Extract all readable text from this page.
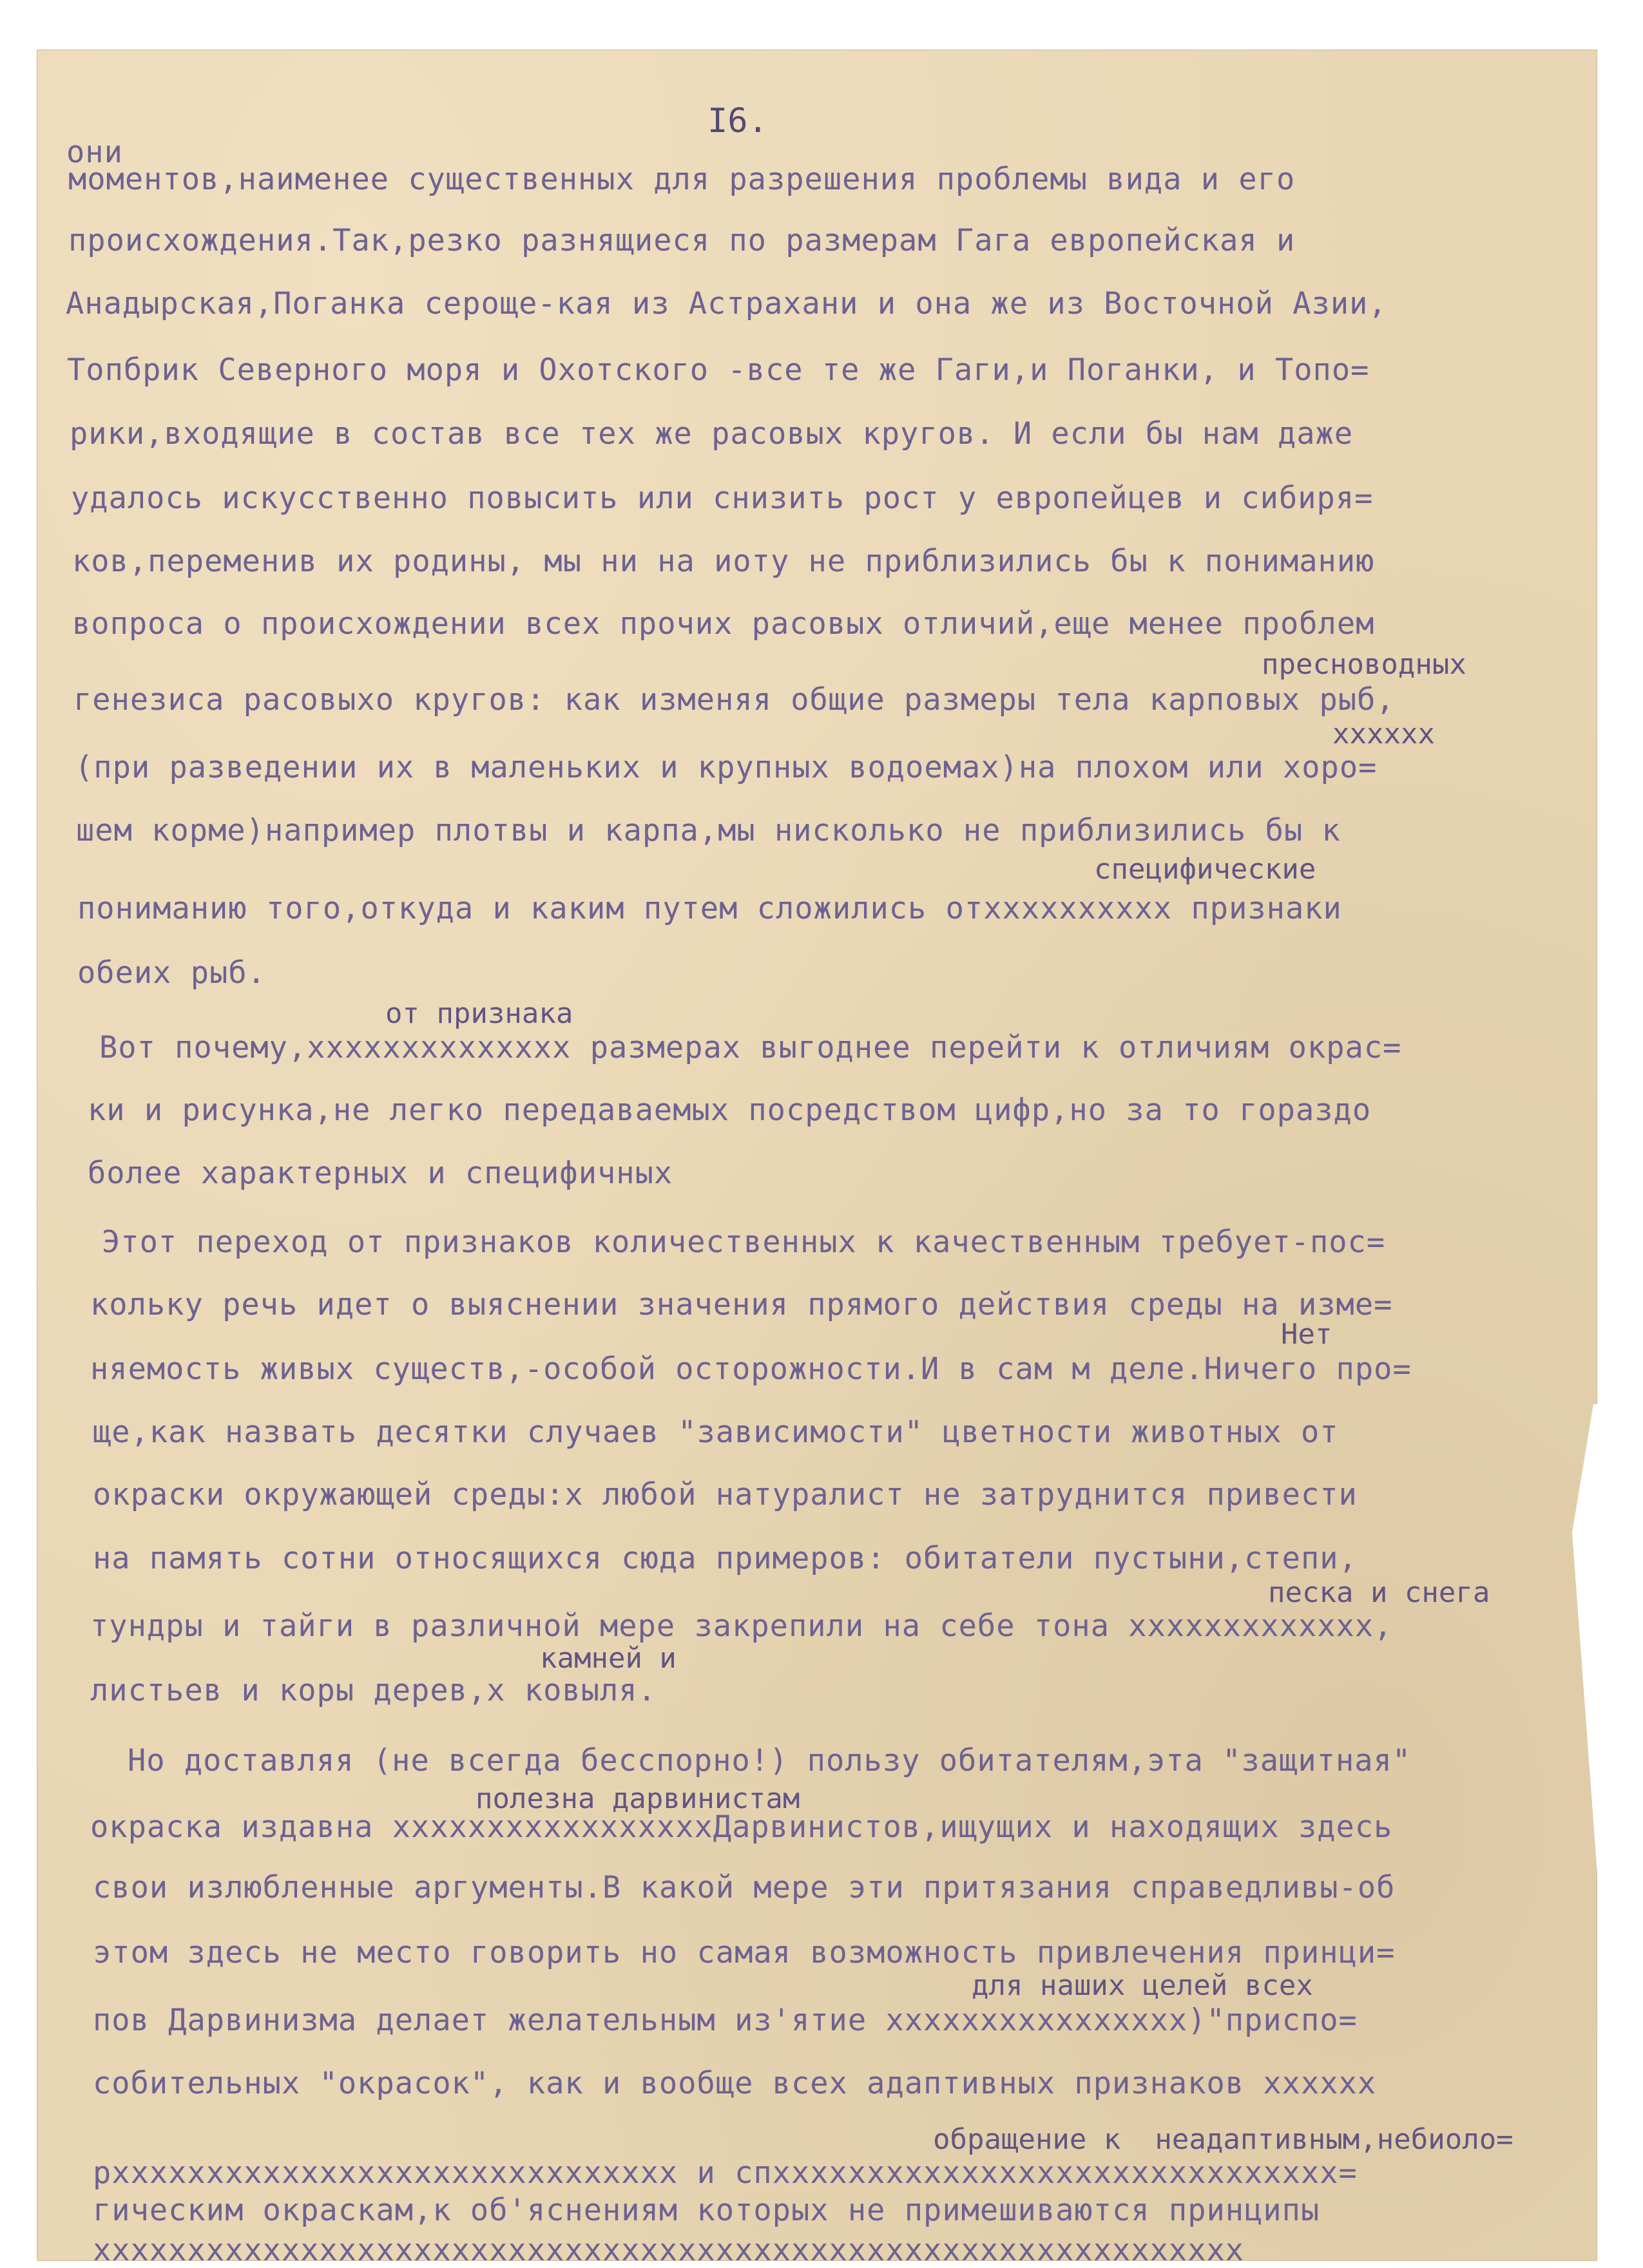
I6.
они
моментов,наименее существенных для разрешения проблемы вида и его
происхождения.Так,резко разнящиеся по размерам Гага европейская и
Анадырская,Поганка сероще‑кая из Астрахани и она же из Восточной Азии,
Топбрик Северного моря и Охотского -все те же Гаги,и Поганки, и Топо=
рики,входящие в состав все тех же расовых кругов. И если бы нам даже
удалось искусственно повысить или снизить рост у европейцев и сибиря=
ков,переменив их родины, мы ни на иоту не приблизились бы к пониманию
вопроса о происхождении всех прочих расовых отличий,еще менее проблем
генезиса расовыхо кругов: как изменяя общие размеры тела карповых рыб,
(при разведении их в маленьких и крупных водоемах)на плохом или хоро=
шем корме)например плотвы и карпа,мы нисколько не приблизились бы к
пониманию того,откуда и каким путем сложились отхххххххххх признаки
обеих рыб.
Вот почему,хххххххххххххх размерах выгоднее перейти к отличиям окрас=
ки и рисунка,не легко передаваемых посредством цифр,но за то гораздо
более характерных и специфичных
Этот переход от признаков количественных к качественным требует-пос=
кольку речь идет о выяснении значения прямого действия среды на изме=
няемость живых существ,-особой осторожности.И в сам м деле.Ничего про=
ще,как назвать десятки случаев "зависимости" цветности животных от
окраски окружающей среды:х любой натуралист не затруднится привести
на память сотни относящихся сюда примеров: обитатели пустыни,степи,
тундры и тайги в различной мере закрепили на себе тона ххххххххххххх,
листьев и коры дерев,х ковыля.
Но доставляя (не всегда бесспорно!) пользу обитателям,эта "защитная"
окраска издавна хххххххххххххххххДарвинистов,ищущих и находящих здесь
свои излюбленные аргументы.В какой мере эти притязания справедливы-об
этом здесь не место говорить но самая возможность привлечения принци=
пов Дарвинизма делает желательным из'ятие хххххххххххххххх)"приспо=
собительных "окрасок", как и вообще всех адаптивных признаков хххххх
рхххххххххххххххххххххххххххххх и спхххххххххххххххххххххххххххххх=
гическим окраскам,к об'яснениям которых не примешиваются принципы
ххххххххххххххххххххххххххххххххххххххххххххххххххххххххххххх
пресноводных
специфические
xxxxxx
от признака
Нет
песка и снега
камней и
полезна дарвинистам
для наших целей всех
обращение к  неадаптивным,небиоло=
